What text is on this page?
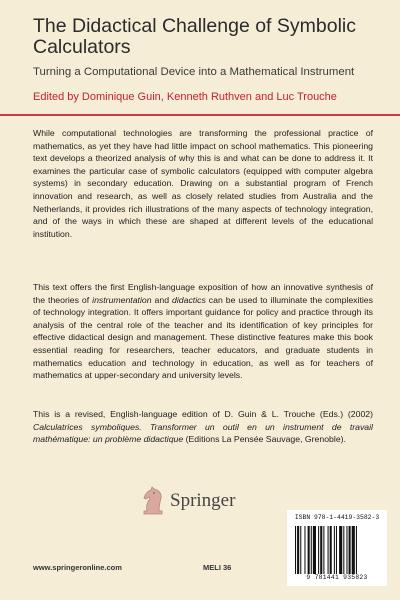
The Didactical Challenge of Symbolic Calculators
Turning a Computational Device into a Mathematical Instrument
Edited by Dominique Guin, Kenneth Ruthven and Luc Trouche
While computational technologies are transforming the professional practice of mathematics, as yet they have had little impact on school mathematics. This pioneering text develops a theorized analysis of why this is and what can be done to address it. It examines the particular case of symbolic calculators (equipped with computer algebra systems) in secondary education. Drawing on a substantial program of French innovation and research, as well as closely related studies from Australia and the Netherlands, it provides rich illustrations of the many aspects of technology integration, and of the ways in which these are shaped at different levels of the educational institution.
This text offers the first English-language exposition of how an innovative synthesis of the theories of instrumentation and didactics can be used to illuminate the complexities of technology integration. It offers important guidance for policy and practice through its analysis of the central role of the teacher and its identification of key principles for effective didactical design and management. These distinctive features make this book essential reading for researchers, teacher educators, and graduate students in mathematics education and technology in education, as well as for teachers of mathematics at upper-secondary and university levels.
This is a revised, English-language edition of D. Guin & L. Trouche (Eds.) (2002) Calculatrices symboliques. Transformer un outil en un instrument de travail mathématique: un problème didactique (Editions La Pensée Sauvage, Grenoble).
Springer
ISBN 978-1-4419-3582-3
9 781441 935823
www.springeronline.com	MELI 36
